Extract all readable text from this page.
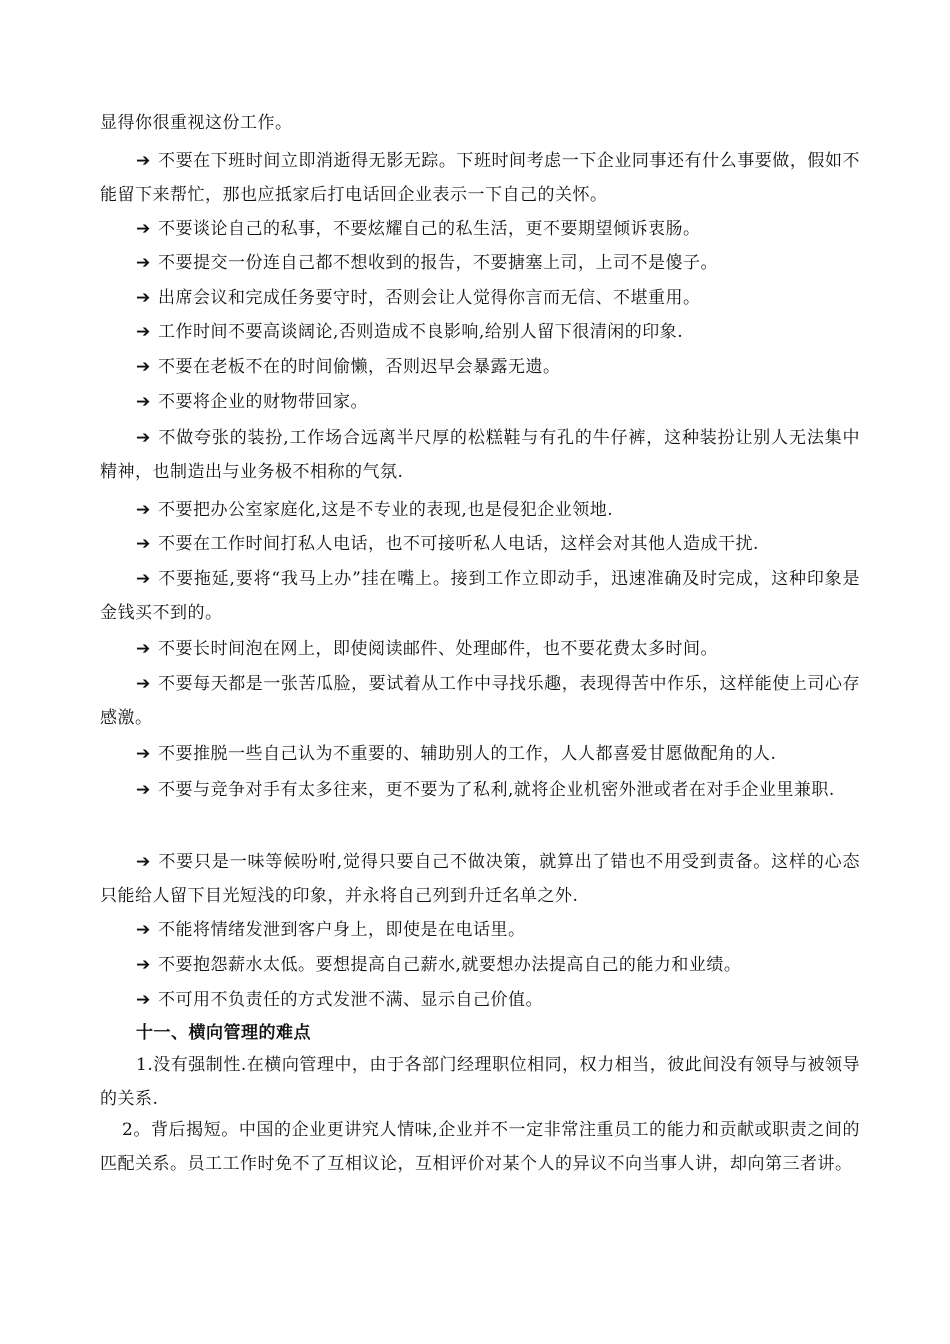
显得你很重视这份工作。

➔ 不要在下班时间立即消逝得无影无踪。下班时间考虑一下企业同事还有什么事要做，假如不能留下来帮忙，那也应抵家后打电话回企业表示一下自己的关怀。

➔ 不要谈论自己的私事，不要炫耀自己的私生活，更不要期望倾诉衷肠。

➔ 不要提交一份连自己都不想收到的报告，不要搪塞上司，上司不是傻子。

➔ 出席会议和完成任务要守时，否则会让人觉得你言而无信、不堪重用。

➔ 工作时间不要高谈阔论,否则造成不良影响,给别人留下很清闲的印象.

➔ 不要在老板不在的时间偷懒，否则迟早会暴露无遗。

➔ 不要将企业的财物带回家。

➔ 不做夸张的装扮,工作场合远离半尺厚的松糕鞋与有孔的牛仔裤，这种装扮让别人无法集中精神，也制造出与业务极不相称的气氛.

➔ 不要把办公室家庭化,这是不专业的表现,也是侵犯企业领地.

➔ 不要在工作时间打私人电话，也不可接听私人电话，这样会对其他人造成干扰.

➔ 不要拖延,要将“我马上办”挂在嘴上。接到工作立即动手，迅速准确及时完成，这种印象是金钱买不到的。

➔ 不要长时间泡在网上，即使阅读邮件、处理邮件，也不要花费太多时间。

➔ 不要每天都是一张苦瓜脸，要试着从工作中寻找乐趣，表现得苦中作乐，这样能使上司心存感激。

➔ 不要推脱一些自己认为不重要的、辅助别人的工作，人人都喜爱甘愿做配角的人.

➔ 不要与竞争对手有太多往来，更不要为了私利,就将企业机密外泄或者在对手企业里兼职.

➔ 不要只是一味等候吩咐,觉得只要自己不做决策，就算出了错也不用受到责备。这样的心态只能给人留下目光短浅的印象，并永将自己列到升迁名单之外.

➔ 不能将情绪发泄到客户身上，即使是在电话里。

➔ 不要抱怨薪水太低。要想提高自己薪水,就要想办法提高自己的能力和业绩。

➔ 不可用不负责任的方式发泄不满、显示自己价值。

十一、横向管理的难点

1.没有强制性.在横向管理中，由于各部门经理职位相同，权力相当，彼此间没有领导与被领导的关系.

2。背后揭短。中国的企业更讲究人情味,企业并不一定非常注重员工的能力和贡献或职责之间的匹配关系。员工工作时免不了互相议论，互相评价对某个人的异议不向当事人讲，却向第三者讲。
